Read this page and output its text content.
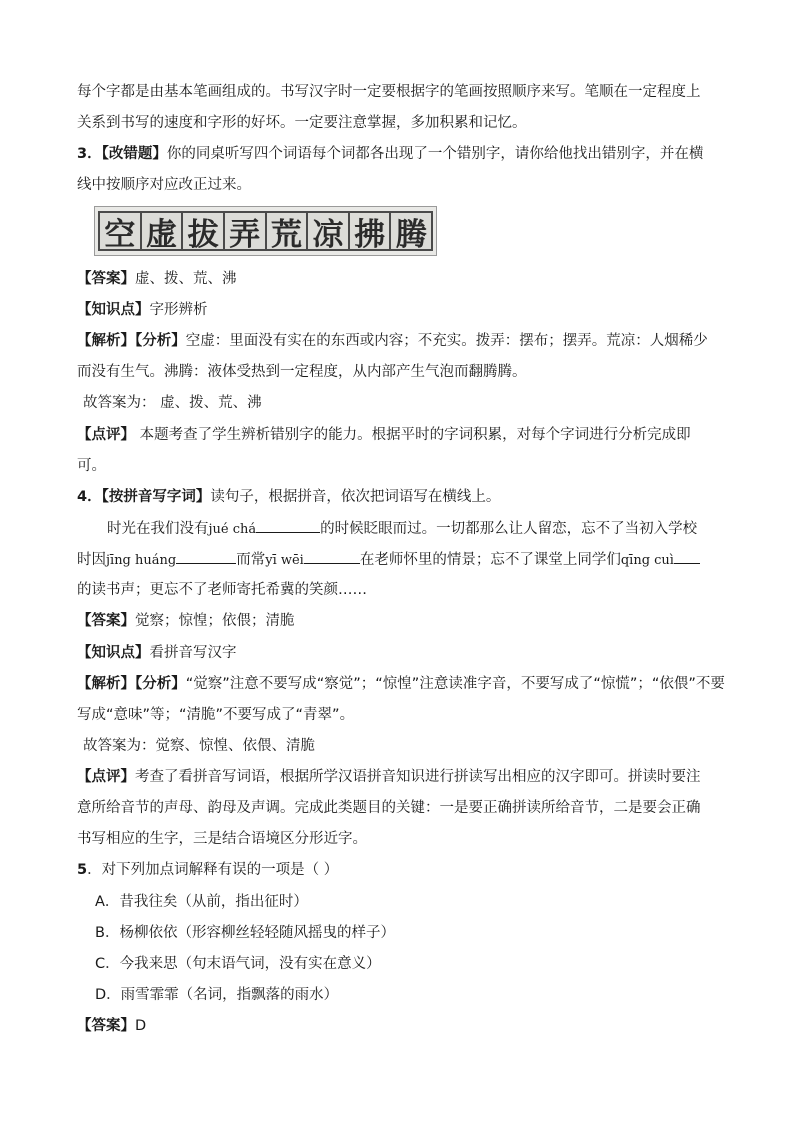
每个字都是由基本笔画组成的。书写汉字时一定要根据字的笔画按照顺序来写。笔顺在一定程度上
关系到书写的速度和字形的好坏。一定要注意掌握，多加积累和记忆。
3．【改错题】你的同桌听写四个词语每个词都各出现了一个错别字，请你给他找出错别字，并在横
线中按顺序对应改正过来。
空 虚 拔 弄 荒 凉 拂 腾
【答案】虚、拨、荒、沸
【知识点】字形辨析
【解析】【分析】空虚：里面没有实在的东西或内容；不充实。拨弄：摆布；摆弄。荒凉：人烟稀少
而没有生气。沸腾：液体受热到一定程度，从内部产生气泡而翻腾腾。
故答案为： 虚、拨、荒、沸
【点评】 本题考查了学生辨析错别字的能力。根据平时的字词积累，对每个字词进行分析完成即
可。
4．【按拼音写字词】读句子，根据拼音，依次把词语写在横线上。
时光在我们没有jué chá	的时候眨眼而过。一切都那么让人留恋，忘不了当初入学校
时因jīng huáng	而常yī wēi	在老师怀里的情景；忘不了课堂上同学们qīng cuì
的读书声；更忘不了老师寄托希冀的笑颜……
【答案】觉察；惊惶；依偎；清脆
【知识点】看拼音写汉字
【解析】【分析】“觉察”注意不要写成“察觉”；“惊惶”注意读准字音，不要写成了“惊慌”；“依偎”不要
写成“意味”等；“清脆”不要写成了“青翠”。
故答案为：觉察、惊惶、依偎、清脆
【点评】考查了看拼音写词语，根据所学汉语拼音知识进行拼读写出相应的汉字即可。拼读时要注
意所给音节的声母、韵母及声调。完成此类题目的关键：一是要正确拼读所给音节，二是要会正确
书写相应的生字，三是结合语境区分形近字。
5．对下列加点词解释有误的一项是（ ）
A．昔我往矣（从前，指出征时）
B．杨柳依依（形容柳丝轻轻随风摇曳的样子）
C．今我来思（句末语气词，没有实在意义）
D．雨雪霏霏（名词，指飘落的雨水）
【答案】D
